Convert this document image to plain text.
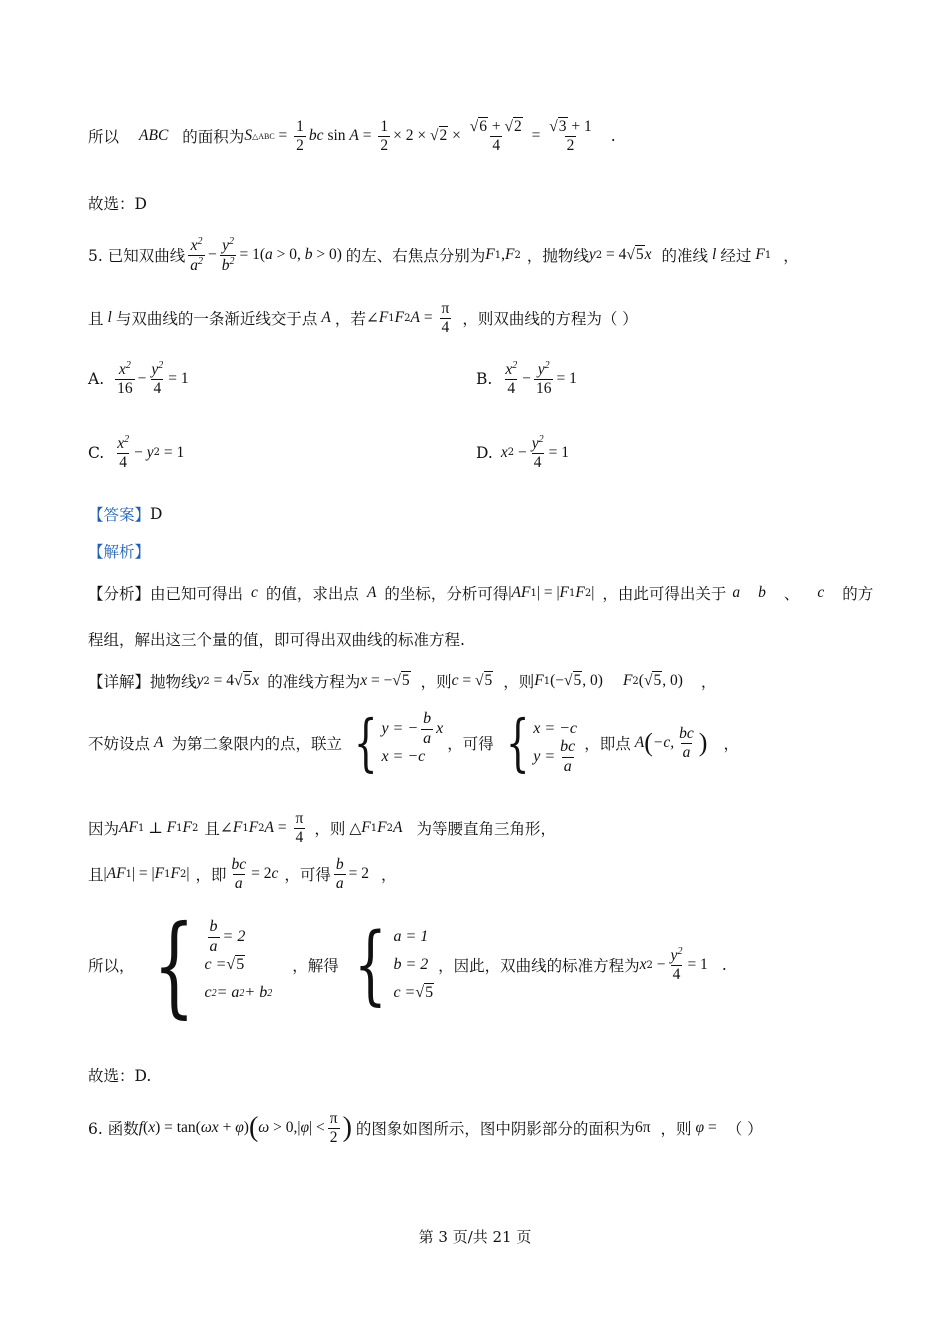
所以 ABC 的面积为 S △ABC = $\frac{1}{2}$ bc $\sin A = \frac{1}{2} \times 2 \times √2 \times \frac{√6 + √2}{4} = \frac{√3 + 1}{2}$ .
故选：D
5. 已知双曲线 $\frac{x^2}{a^2} - \frac{y^2}{b^2} = 1$( a > 0, b > 0) 的左、右焦点分别为 F 1 , F 2 ，抛物线 y 2 = 4√5 x 的准线 l 经过 F 1 ，
且 l 与双曲线的一条渐近线交于点 A ，若 ∠ F 1 F 2 $A = \frac{\pi}{4}$ ，则双曲线的方程为（ ）
A. $\frac{x^2}{16} - \frac{y^2}{4} = 1$	B. $\frac{x^2}{4} - \frac{y^2}{16} = 1$
C. $\frac{x^2}{4} - y$ 2 = 1	D. x $2 - \frac{y^2}{4} = 1$
【答案】 D
【解析】
【分析】 由已知可得出 c 的值，求出点 A 的坐标，分析可得 | AF 1 | = | F 1 F 2 | ，由此可得出关于 a b 、 c 的方
程组，解出这三个量的值，即可得出双曲线的标准方程.
【详解】 抛物线 y 2 = 4√5 x 的准线方程为 x = −√5 ，则 c = √5 ，则 F 1 (−√5, 0) F 2 (√5, 0) ，
不妨设点 A 为第二象限内的点，联立 { y = − $\frac{b}{a}$ x
x = −c
，可得 { x = −c
$y = \frac{bc}{a}$ ，即点 A ( −c, $\frac{bc}{a}$ ) ，
因为 AF 1 ⊥ F 1 F 2 且 ∠ F 1 F 2 $A = \frac{\pi}{4}$ ，则 △ F 1 F 2 A 为等腰直角三角形，
且 | AF 1 | = | F 1 F 2 | ，即 $\frac{bc}{a} = 2$ c ，可得 $\frac{b}{a} = 2$ ，
所以， { $\frac{b}{a} = 2$
c = √5
c 2 = a 2 + b 2
，解得 { a = 1
b = 2
c = √5
，因此，双曲线的标准方程为 x $2 - \frac{y^2}{4} = 1$ .
故选：D.
6. 函数 f ( x ) = tan( ωx + φ ) ( ω > 0,| φ | < $\frac{\pi}{2}$ ) 的图象如图所示，图中阴影部分的面积为 6π ，则 φ = （ ）
第 3 页/共 21 页
